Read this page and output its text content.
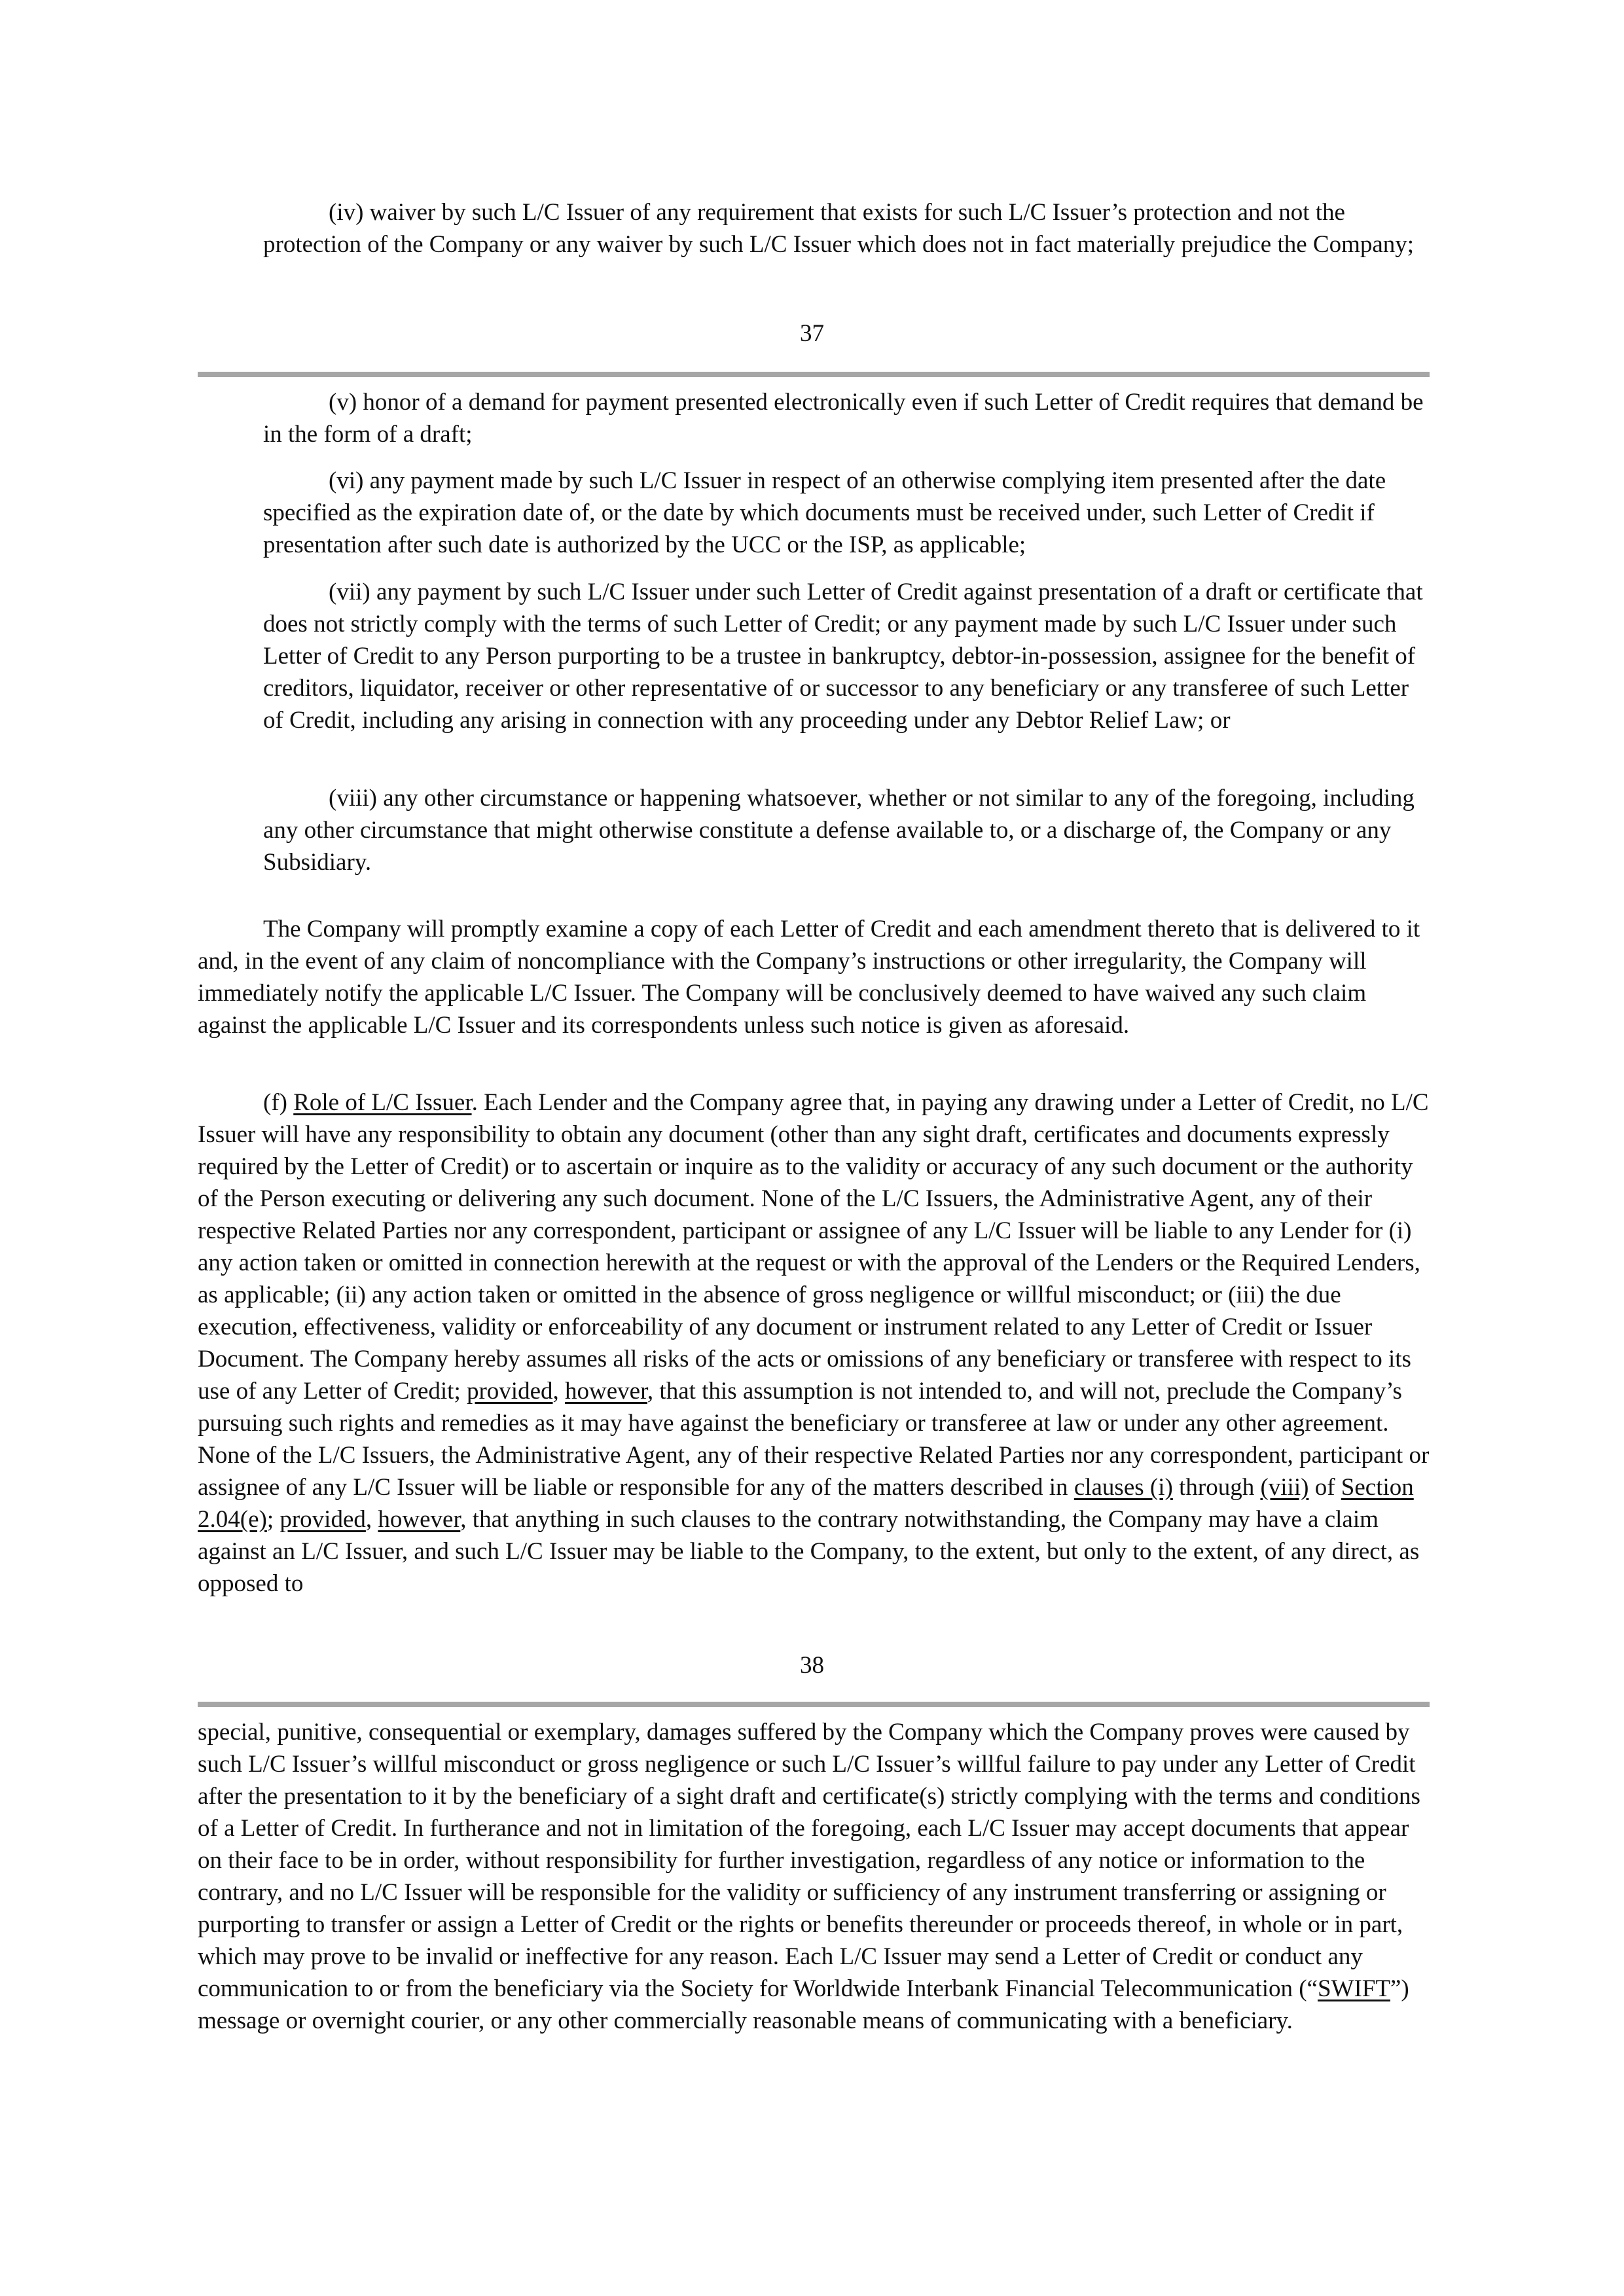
(iv) waiver by such L/C Issuer of any requirement that exists for such L/C Issuer’s protection and not the protection of the Company or any waiver by such L/C Issuer which does not in fact materially prejudice the Company;

37

(v) honor of a demand for payment presented electronically even if such Letter of Credit requires that demand be in the form of a draft;

(vi) any payment made by such L/C Issuer in respect of an otherwise complying item presented after the date specified as the expiration date of, or the date by which documents must be received under, such Letter of Credit if presentation after such date is authorized by the UCC or the ISP, as applicable;

(vii) any payment by such L/C Issuer under such Letter of Credit against presentation of a draft or certificate that does not strictly comply with the terms of such Letter of Credit; or any payment made by such L/C Issuer under such Letter of Credit to any Person purporting to be a trustee in bankruptcy, debtor-in-possession, assignee for the benefit of creditors, liquidator, receiver or other representative of or successor to any beneficiary or any transferee of such Letter of Credit, including any arising in connection with any proceeding under any Debtor Relief Law; or

(viii) any other circumstance or happening whatsoever, whether or not similar to any of the foregoing, including any other circumstance that might otherwise constitute a defense available to, or a discharge of, the Company or any Subsidiary.

The Company will promptly examine a copy of each Letter of Credit and each amendment thereto that is delivered to it and, in the event of any claim of noncompliance with the Company’s instructions or other irregularity, the Company will immediately notify the applicable L/C Issuer. The Company will be conclusively deemed to have waived any such claim against the applicable L/C Issuer and its correspondents unless such notice is given as aforesaid.

(f) Role of L/C Issuer. Each Lender and the Company agree that, in paying any drawing under a Letter of Credit, no L/C Issuer will have any responsibility to obtain any document (other than any sight draft, certificates and documents expressly required by the Letter of Credit) or to ascertain or inquire as to the validity or accuracy of any such document or the authority of the Person executing or delivering any such document. None of the L/C Issuers, the Administrative Agent, any of their respective Related Parties nor any correspondent, participant or assignee of any L/C Issuer will be liable to any Lender for (i) any action taken or omitted in connection herewith at the request or with the approval of the Lenders or the Required Lenders, as applicable; (ii) any action taken or omitted in the absence of gross negligence or willful misconduct; or (iii) the due execution, effectiveness, validity or enforceability of any document or instrument related to any Letter of Credit or Issuer Document. The Company hereby assumes all risks of the acts or omissions of any beneficiary or transferee with respect to its use of any Letter of Credit; provided, however, that this assumption is not intended to, and will not, preclude the Company’s pursuing such rights and remedies as it may have against the beneficiary or transferee at law or under any other agreement. None of the L/C Issuers, the Administrative Agent, any of their respective Related Parties nor any correspondent, participant or assignee of any L/C Issuer will be liable or responsible for any of the matters described in clauses (i) through (viii) of Section 2.04(e); provided, however, that anything in such clauses to the contrary notwithstanding, the Company may have a claim against an L/C Issuer, and such L/C Issuer may be liable to the Company, to the extent, but only to the extent, of any direct, as opposed to

38

special, punitive, consequential or exemplary, damages suffered by the Company which the Company proves were caused by such L/C Issuer’s willful misconduct or gross negligence or such L/C Issuer’s willful failure to pay under any Letter of Credit after the presentation to it by the beneficiary of a sight draft and certificate(s) strictly complying with the terms and conditions of a Letter of Credit. In furtherance and not in limitation of the foregoing, each L/C Issuer may accept documents that appear on their face to be in order, without responsibility for further investigation, regardless of any notice or information to the contrary, and no L/C Issuer will be responsible for the validity or sufficiency of any instrument transferring or assigning or purporting to transfer or assign a Letter of Credit or the rights or benefits thereunder or proceeds thereof, in whole or in part, which may prove to be invalid or ineffective for any reason. Each L/C Issuer may send a Letter of Credit or conduct any communication to or from the beneficiary via the Society for Worldwide Interbank Financial Telecommunication (“SWIFT”) message or overnight courier, or any other commercially reasonable means of communicating with a beneficiary.
